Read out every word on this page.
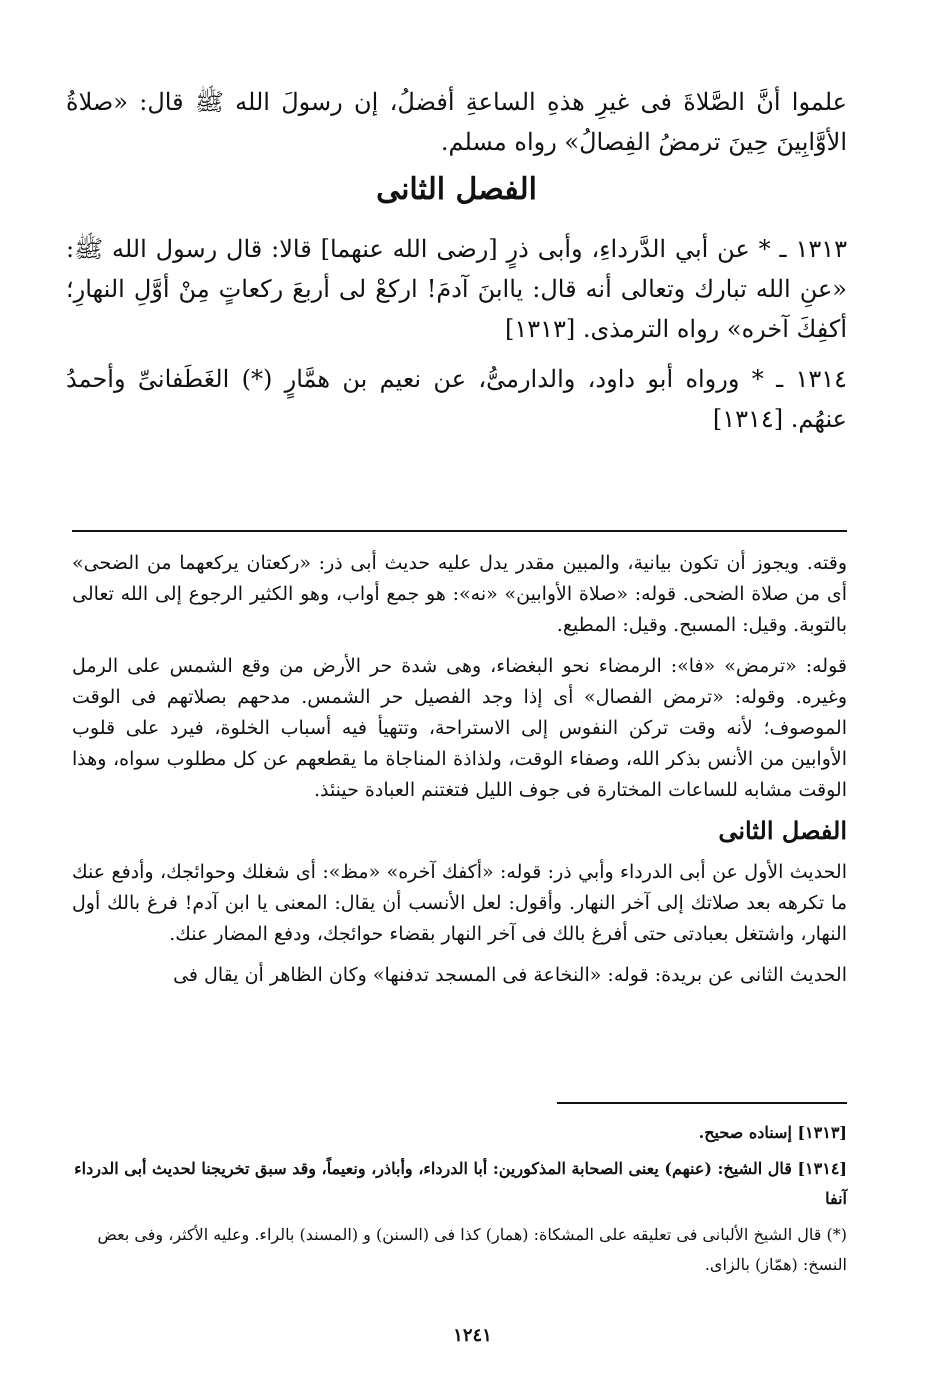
علموا أنَّ الصَّلاةَ فى غيرِ هذهِ الساعةِ أفضلُ، إن رسولَ الله ﷺ قال: «صلاةُ الأوَّابِينَ حِينَ ترمضُ الفِصالُ» رواه مسلم.

الفصل الثانى

١٣١٣ ـ * عن أبي الدَّرداءِ، وأبى ذرٍ [رضى الله عنهما] قالا: قال رسول الله ﷺ: «عنِ الله تبارك وتعالى أنه قال: ياابنَ آدمَ! اركعْ لى أربعَ ركعاتٍ مِنْ أوَّلِ النهارِ؛ أكفِكَ آخره» رواه الترمذى. [١٣١٣]

١٣١٤ ـ * ورواه أبو داود، والدارمىُّ، عن نعيم بن همَّارٍ (*) الغَطَفانىِّ وأحمدُ عنهُم. [١٣١٤]

وقته. ويجوز أن تكون بيانية، والمبين مقدر يدل عليه حديث أبى ذر: «ركعتان يركعهما من الضحى» أى من صلاة الضحى. قوله: «صلاة الأوابين» «نه»: هو جمع أواب، وهو الكثير الرجوع إلى الله تعالى بالتوبة. وقيل: المسبح. وقيل: المطيع.

قوله: «ترمض» «فا»: الرمضاء نحو البغضاء، وهى شدة حر الأرض من وقع الشمس على الرمل وغيره. وقوله: «ترمض الفصال» أى إذا وجد الفصيل حر الشمس. مدحهم بصلاتهم فى الوقت الموصوف؛ لأنه وقت تركن النفوس إلى الاستراحة، وتتهيأ فيه أسباب الخلوة، فيرد على قلوب الأوابين من الأنس بذكر الله، وصفاء الوقت، ولذاذة المناجاة ما يقطعهم عن كل مطلوب سواه، وهذا الوقت مشابه للساعات المختارة فى جوف الليل فتغتنم العبادة حينئذ.

الفصل الثانى

الحديث الأول عن أبى الدرداء وأبي ذر: قوله: «أكفك آخره» «مظ»: أى شغلك وحوائجك، وأدفع عنك ما تكرهه بعد صلاتك إلى آخر النهار. وأقول: لعل الأنسب أن يقال: المعنى يا ابن آدم! فرغ بالك أول النهار، واشتغل بعبادتى حتى أفرغ بالك فى آخر النهار بقضاء حوائجك، ودفع المضار عنك.

الحديث الثانى عن بريدة: قوله: «النخاعة فى المسجد تدفنها» وكان الظاهر أن يقال فى

[١٣١٣] إسناده صحيح.

[١٣١٤] قال الشيخ: (عنهم) يعنى الصحابة المذكورين: أبا الدرداء، وأباذر، ونعيماً، وقد سبق تخريجنا لحديث أبى الدرداء آنفا

(*) قال الشيخ الألبانى فى تعليقه على المشكاة: (همار) كذا فى (السنن) و (المسند) بالراء. وعليه الأكثر، وفى بعض النسخ: (همّاز) بالزاى.

١٢٤١
